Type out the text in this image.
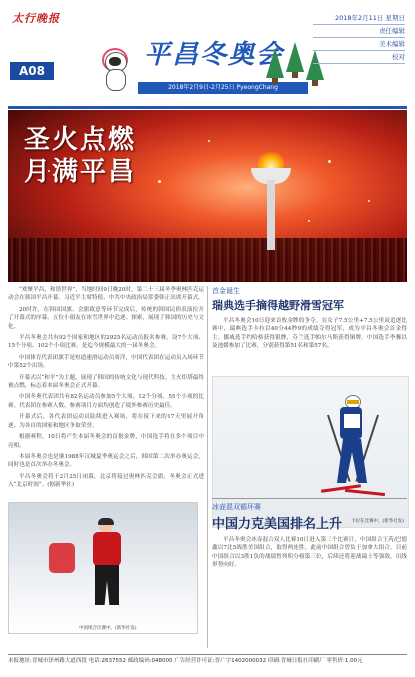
太行晚报
A08
平昌冬奥会
2018年2月9日-2月25日 PyeongChang
2018年2月11日 星期日
责任编辑
美术编辑
校对
圣火点燃
月满平昌

“欢聚平昌，和谐世界”，当地时间9日晚20时，第二十三届冬季奥林匹克运动会在韩国平昌开幕。习近平主席特使、中共中央政治局常委韩正出席开幕式。

20时许，在韩国国旗、会旗致意等环节完成后，传统的韩国民俗表演拉开了开幕式的序幕。五位小朋友在冰雪世界中追逐、探索，展现了韩国的历史与文化。

平昌冬奥会共有92个国家和地区的2925名运动员报名参赛，设7个大项、15个分项、102个小项比赛，是迄今规模最大的一届冬奥会。

中国体育代表团旗手是短道速滑运动员周洋，中国代表团在运动员入场环节中第52个出场。

开幕式以“和平”为主题，展现了韩国的传统文化与现代科技。主火炬塔最终被点燃，标志着本届冬奥会正式开幕。

中国冬奥代表团共有82名运动员参加5个大项、12个分项、55个小项的比赛。代表团在参赛人数、参赛项目方面均创造了境外参赛历史最佳。

开幕式后，各代表团运动员陆续进入赛场，将在接下来的17天里展开角逐，为各自的国家和地区争取荣誉。

根据赛程，10日将产生本届冬奥会的首批金牌，中国选手将在多个项目中亮相。

本届冬奥会也是继1988年汉城夏季奥运会之后，韩国第二次举办奥运会，同时也是首次举办冬奥会。

平昌冬奥会将于2月25日闭幕，北京将接过奥林匹克会旗，冬奥会正式进入“北京时间”。(据新华社)

中国组合比赛中。(新华社发)

首金诞生

瑞典选手摘得越野滑雪冠军

平昌冬奥会10日迎来首枚金牌的争夺。在女子7.5公里+7.5公里双追逐比赛中，瑞典选手卡拉以40分44秒9的成绩夺得冠军，成为平昌冬奥会首金得主。挪威选手约哈格获得银牌，芬兰选手帕尔马斯获得铜牌。中国选手李馨以及池媛参加了比赛，分别获得第51名和第57名。

卡拉在比赛中。(新华社发)

冰壶混双循环赛

中国力克美国排名上升

平昌冬奥会冰壶混合双人比赛10日进入第三个比赛日，中国组合王芮/巴德鑫以7比5战胜美国组合，取得两连胜。此前中国组合曾负于加拿大组合。目前中国组合以3胜1负的战绩暂列积分榜第三位，后续还将迎战瑞士等强敌，出线形势向好。

本报地址:晋城市泽州路大道西段 电话:2637552 邮政编码:048000 广告经营许可证:晋广字1402000032 印刷:晋城日报社印刷厂 零售价:1.00元
